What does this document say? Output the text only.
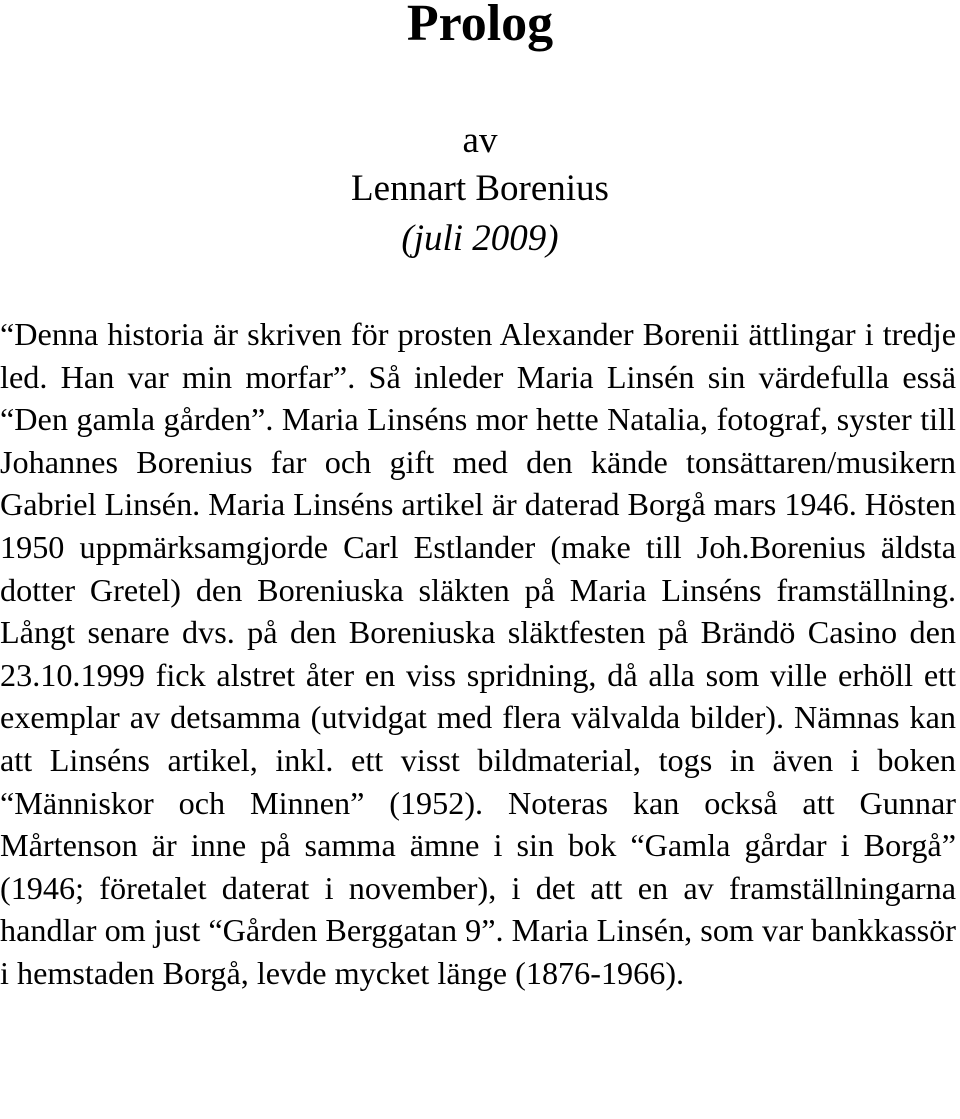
Prolog

av

Lennart Borenius

(juli 2009)

“Denna historia är skriven för prosten Alexander Borenii ättlingar i tredje led. Han var min morfar”. Så inleder Maria Linsén sin värdefulla essä “Den gamla gården”. Maria Linséns mor hette Natalia, fotograf, syster till Johannes Borenius far och gift med den kände tonsättaren/musikern Gabriel Linsén. Maria Linséns artikel är daterad Borgå mars 1946. Hösten 1950 uppmärksamgjorde Carl Estlander (make till Joh.Borenius äldsta dotter Gretel) den Boreniuska släkten på Maria Linséns framställning. Långt senare dvs. på den Boreniuska släktfesten på Brändö Casino den 23.10.1999 fick alstret åter en viss spridning, då alla som ville erhöll ett exemplar av detsamma (utvidgat med flera välvalda bilder). Nämnas kan att Linséns artikel, inkl. ett visst bildmaterial, togs in även i boken “Människor och Minnen” (1952). Noteras kan också att Gunnar Mårtenson är inne på samma ämne i sin bok “Gamla gårdar i Borgå” (1946; företalet daterat i november), i det att en av framställningarna handlar om just “Gården Berggatan 9”. Maria Linsén, som var bankkassör i hemstaden Borgå, levde mycket länge (1876-1966).
